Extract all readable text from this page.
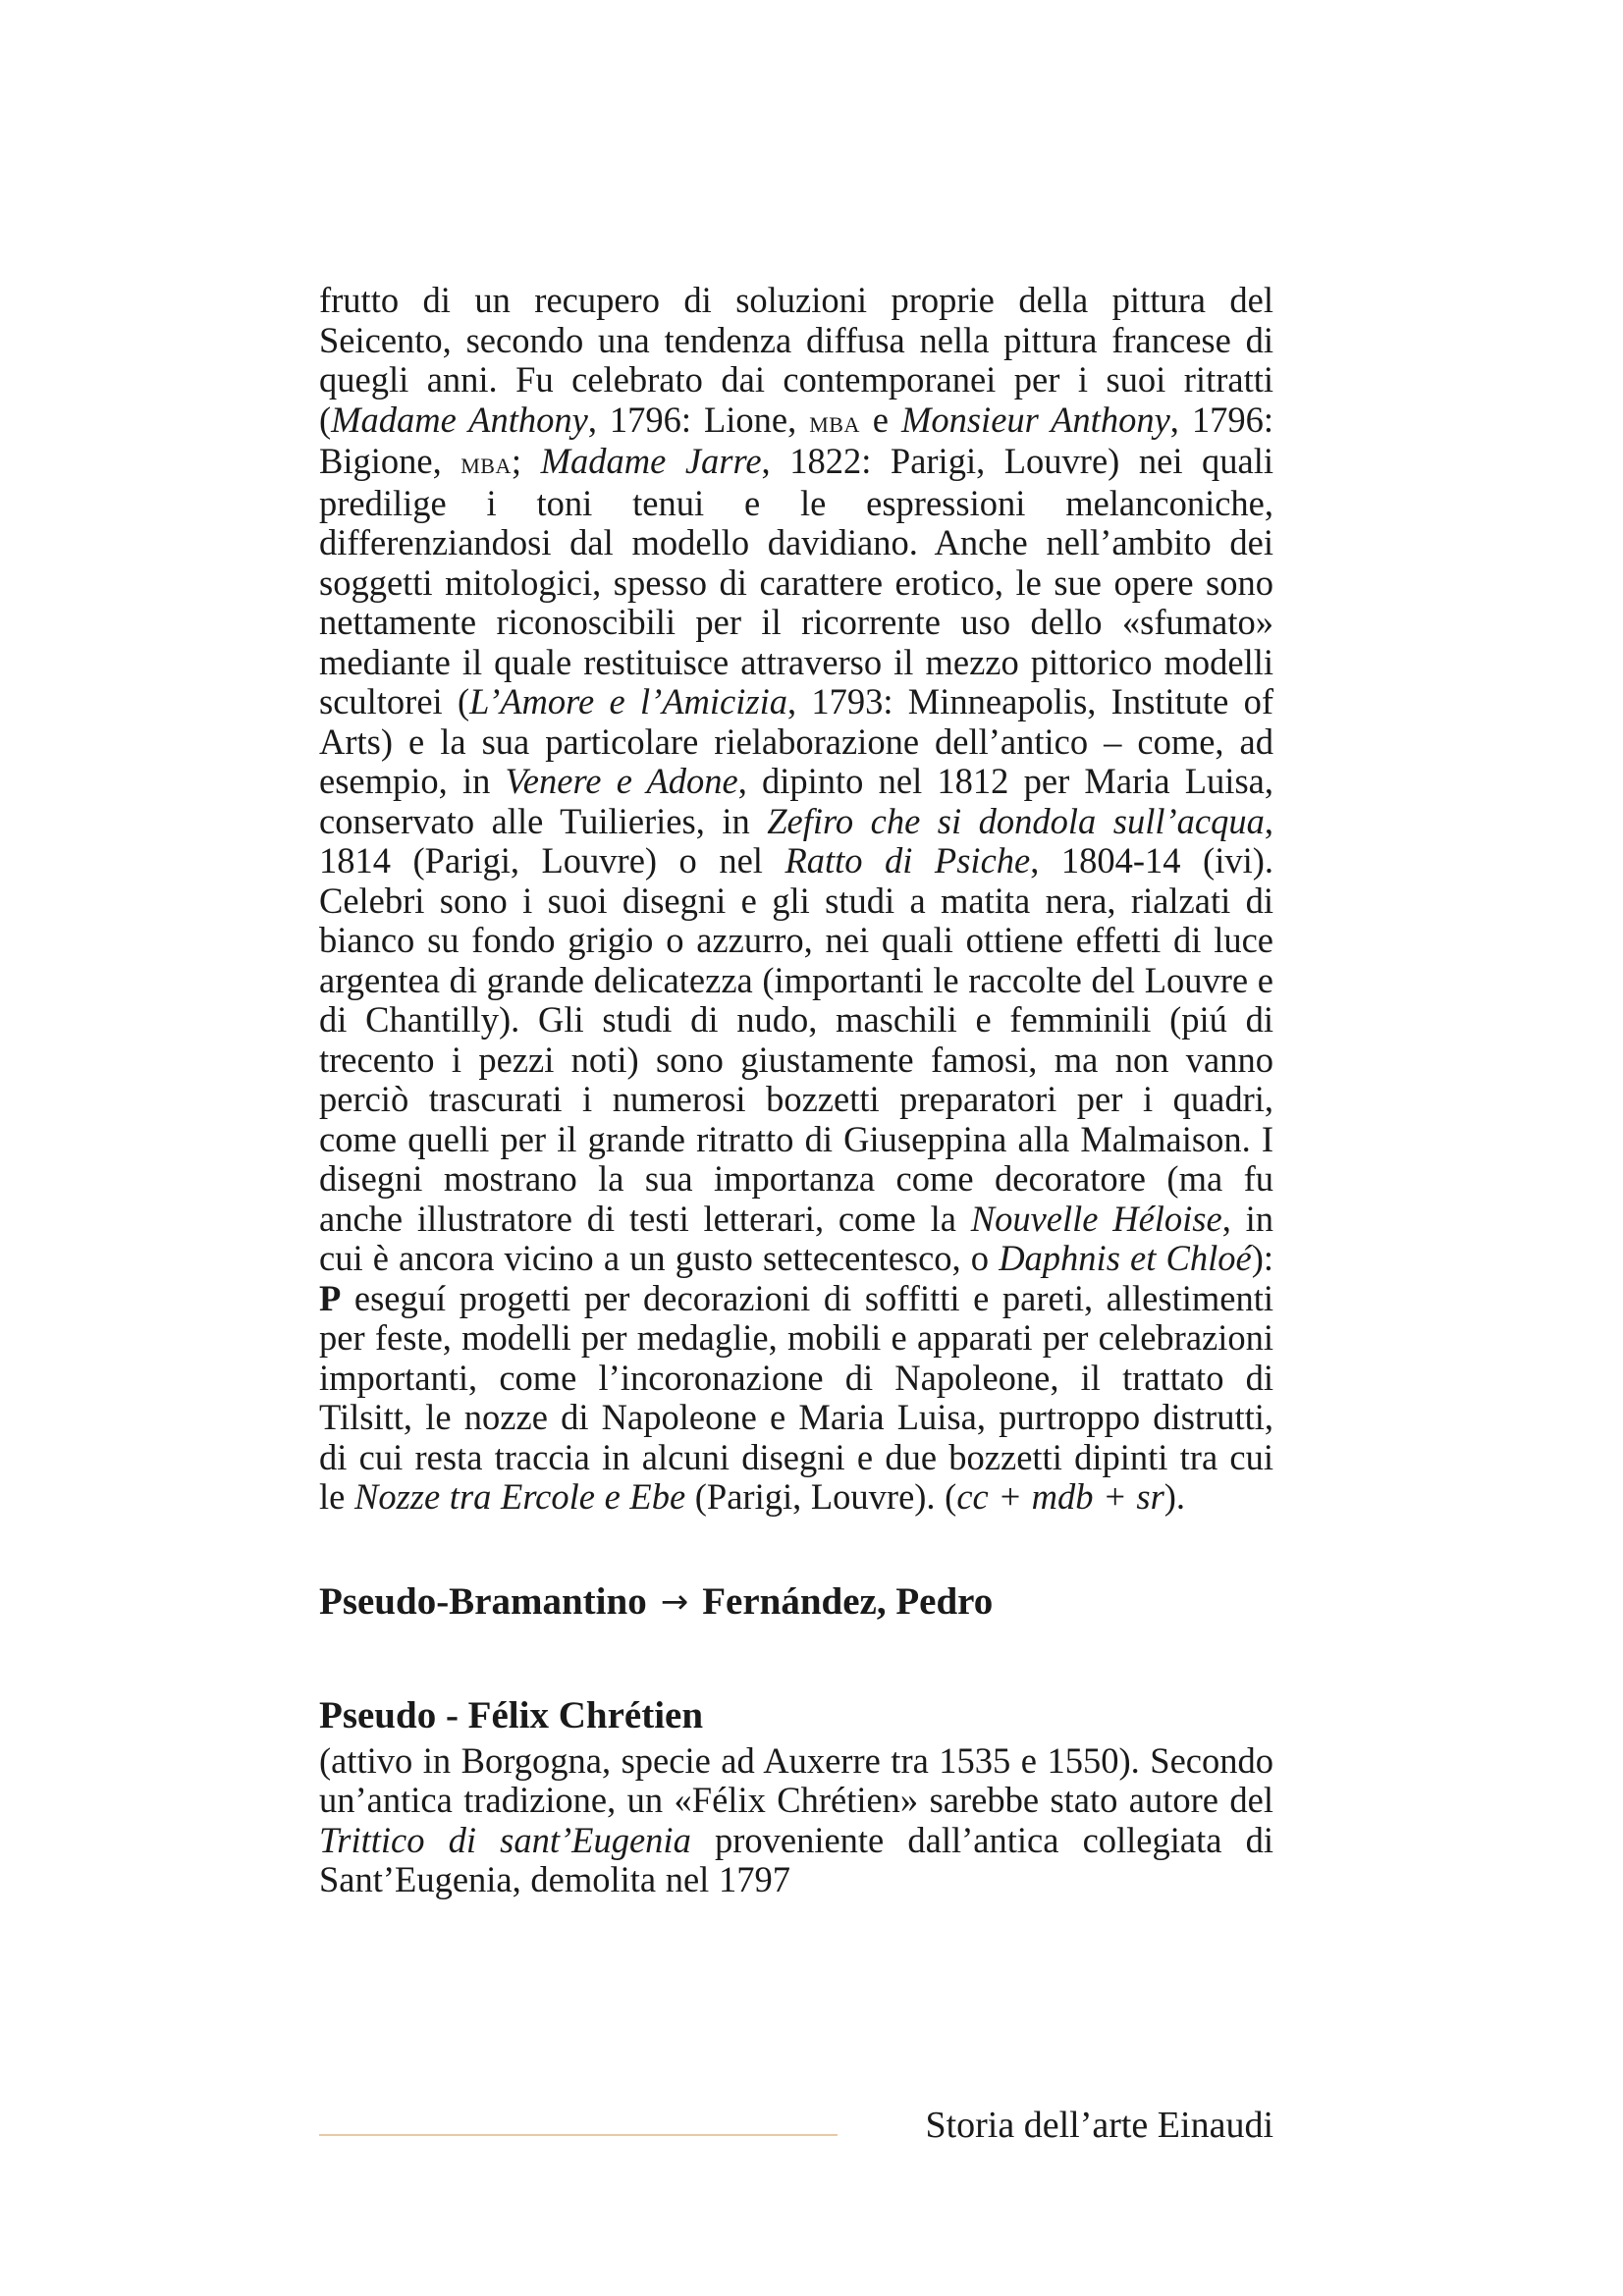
frutto di un recupero di soluzioni proprie della pittura del Seicento, secondo una tendenza diffusa nella pittura francese di quegli anni. Fu celebrato dai contemporanei per i suoi ritratti (Madame Anthony, 1796: Lione, mba e Monsieur Anthony, 1796: Bigione, mba; Madame Jarre, 1822: Parigi, Louvre) nei quali predilige i toni tenui e le espressioni melanconiche, differenziandosi dal modello davidiano. Anche nell’ambito dei soggetti mitologici, spesso di carattere erotico, le sue opere sono nettamente riconoscibili per il ricorrente uso dello «sfumato» mediante il quale restituisce attraverso il mezzo pittorico modelli scultorei (L’Amore e l’Amicizia, 1793: Minneapolis, Institute of Arts) e la sua particolare rielaborazione dell’antico – come, ad esempio, in Venere e Adone, dipinto nel 1812 per Maria Luisa, conservato alle Tuilieries, in Zefiro che si dondola sull’acqua, 1814 (Parigi, Louvre) o nel Ratto di Psiche, 1804-14 (ivi). Celebri sono i suoi disegni e gli studi a matita nera, rialzati di bianco su fondo grigio o azzurro, nei quali ottiene effetti di luce argentea di grande delicatezza (importanti le raccolte del Louvre e di Chantilly). Gli studi di nudo, maschili e femminili (piú di trecento i pezzi noti) sono giustamente famosi, ma non vanno perciò trascurati i numerosi bozzetti preparatori per i quadri, come quelli per il grande ritratto di Giuseppina alla Malmaison. I disegni mostrano la sua importanza come decoratore (ma fu anche illustratore di testi letterari, come la Nouvelle Héloise, in cui è ancora vicino a un gusto settecentesco, o Daphnis et Chloé): P eseguí progetti per decorazioni di soffitti e pareti, allestimenti per feste, modelli per medaglie, mobili e apparati per celebrazioni importanti, come l’incoronazione di Napoleone, il trattato di Tilsitt, le nozze di Napoleone e Maria Luisa, purtroppo distrutti, di cui resta traccia in alcuni disegni e due bozzetti dipinti tra cui le Nozze tra Ercole e Ebe (Parigi, Louvre). (cc + mdb + sr).

Pseudo-Bramantino → Fernández, Pedro
Pseudo - Félix Chrétien

(attivo in Borgogna, specie ad Auxerre tra 1535 e 1550). Secondo un’antica tradizione, un «Félix Chrétien» sarebbe stato autore del Trittico di sant’Eugenia proveniente dall’antica collegiata di Sant’Eugenia, demolita nel 1797

Storia dell’arte Einaudi
